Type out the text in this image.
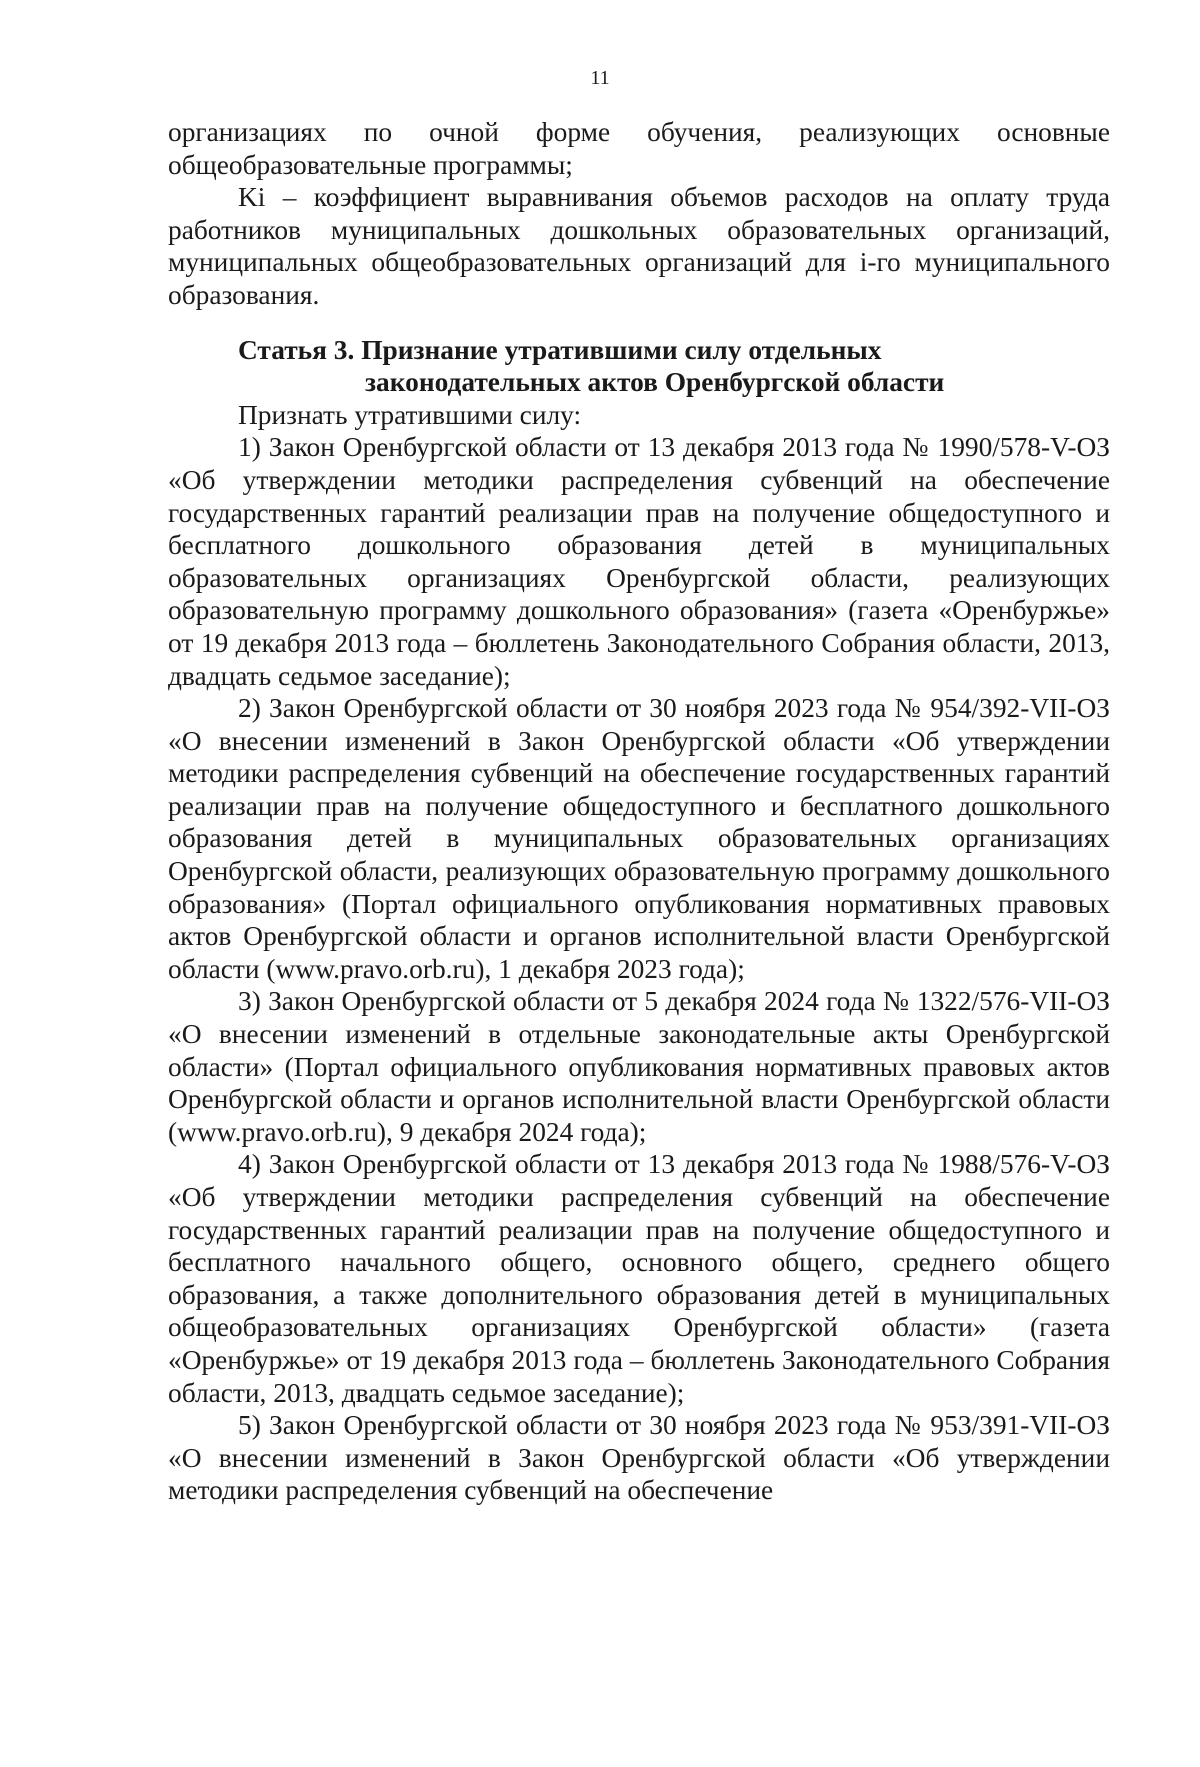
11

организациях по очной форме обучения, реализующих основные общеобразовательные программы;

Ki – коэффициент выравнивания объемов расходов на оплату труда работников муниципальных дошкольных образовательных организаций, муниципальных общеобразовательных организаций для i-го муниципального образования.

Статья 3. Признание утратившими силу отдельных
законодательных актов Оренбургской области

Признать утратившими силу:

1) Закон Оренбургской области от 13 декабря 2013 года № 1990/578-V-ОЗ «Об утверждении методики распределения субвенций на обеспечение государственных гарантий реализации прав на получение общедоступного и бесплатного дошкольного образования детей в муниципальных образовательных организациях Оренбургской области, реализующих образовательную программу дошкольного образования» (газета «Оренбуржье» от 19 декабря 2013 года – бюллетень Законодательного Собрания области, 2013, двадцать седьмое заседание);

2) Закон Оренбургской области от 30 ноября 2023 года № 954/392-VII-ОЗ «О внесении изменений в Закон Оренбургской области «Об утверждении методики распределения субвенций на обеспечение государственных гарантий реализации прав на получение общедоступного и бесплатного дошкольного образования детей в муниципальных образовательных организациях Оренбургской области, реализующих образовательную программу дошкольного образования» (Портал официального опубликования нормативных правовых актов Оренбургской области и органов исполнительной власти Оренбургской области (www.pravo.orb.ru), 1 декабря 2023 года);

3) Закон Оренбургской области от 5 декабря 2024 года № 1322/576-VII-ОЗ «О внесении изменений в отдельные законодательные акты Оренбургской области» (Портал официального опубликования нормативных правовых актов Оренбургской области и органов исполнительной власти Оренбургской области (www.pravo.orb.ru), 9 декабря 2024 года);

4) Закон Оренбургской области от 13 декабря 2013 года № 1988/576-V-ОЗ «Об утверждении методики распределения субвенций на обеспечение государственных гарантий реализации прав на получение общедоступного и бесплатного начального общего, основного общего, среднего общего образования, а также дополнительного образования детей в муниципальных общеобразовательных организациях Оренбургской области» (газета «Оренбуржье» от 19 декабря 2013 года – бюллетень Законодательного Собрания области, 2013, двадцать седьмое заседание);

5) Закон Оренбургской области от 30 ноября 2023 года № 953/391-VII-ОЗ «О внесении изменений в Закон Оренбургской области «Об утверждении методики распределения субвенций на обеспечение
